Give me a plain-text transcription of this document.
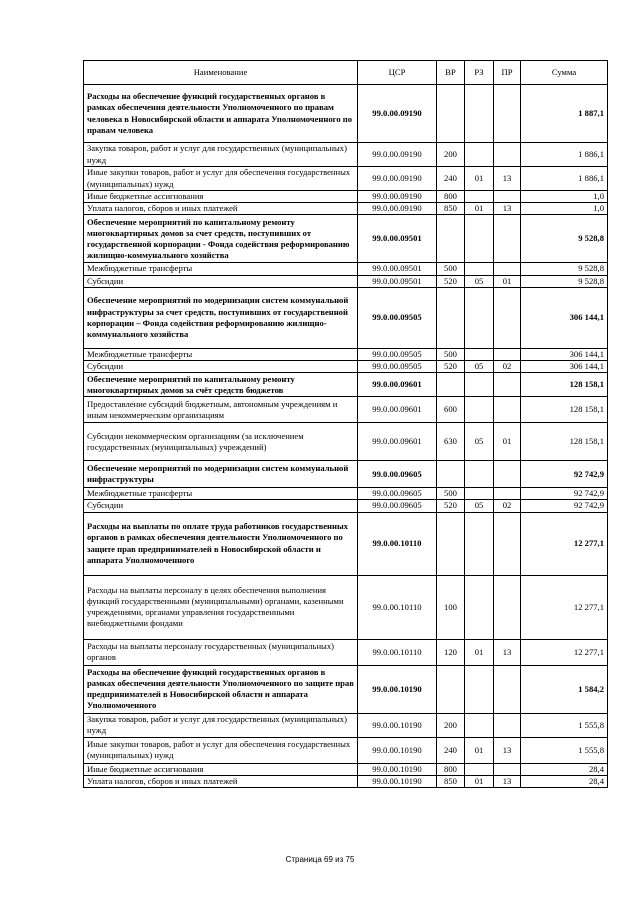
Наименование	ЦСР	ВР	РЗ	ПР	Сумма
Расходы на обеспечение функций государственных органов в рамках обеспечения деятельности Уполномоченного по правам человека в Новосибирской области и аппарата Уполномоченного по правам человека	99.0.00.09190				1 887,1
Закупка товаров, работ и услуг для государственных (муниципальных) нужд	99.0.00.09190	200			1 886,1
Иные закупки товаров, работ и услуг для обеспечения государственных (муниципальных) нужд	99.0.00.09190	240	01	13	1 886,1
Иные бюджетные ассигнования	99.0.00.09190	800			1,0
Уплата налогов, сборов и иных платежей	99.0.00.09190	850	01	13	1,0
Обеспечение мероприятий по капитальному ремонту многоквартирных домов за счет средств, поступивших от государственной корпорации - Фонда содействия реформированию жилищно-коммунального хозяйства	99.0.00.09501				9 528,8
Межбюджетные трансферты	99.0.00.09501	500			9 528,8
Субсидии	99.0.00.09501	520	05	01	9 528,8
Обеспечение мероприятий по модернизации систем коммунальной инфраструктуры за счет средств, поступивших от государственной корпорации – Фонда содействия реформированию жилищно-коммунального хозяйства	99.0.00.09505				306 144,1
Межбюджетные трансферты	99.0.00.09505	500			306 144,1
Субсидии	99.0.00.09505	520	05	02	306 144,1
Обеспечение мероприятий по капитальному ремонту многоквартирных домов за счёт средств бюджетов	99.0.00.09601				128 158,1
Предоставление субсидий бюджетным, автономным учреждениям и иным некоммерческим организациям	99.0.00.09601	600			128 158,1
Субсидии некоммерческим организациям (за исключением государственных (муниципальных) учреждений)	99.0.00.09601	630	05	01	128 158,1
Обеспечение мероприятий по модернизации систем коммунальной инфраструктуры	99.0.00.09605				92 742,9
Межбюджетные трансферты	99.0.00.09605	500			92 742,9
Субсидии	99.0.00.09605	520	05	02	92 742,9
Расходы на выплаты по оплате труда работников государственных органов в рамках обеспечения деятельности Уполномоченного по защите прав предпринимателей в Новосибирской области и аппарата Уполномоченного	99.0.00.10110				12 277,1
Расходы на выплаты персоналу в целях обеспечения выполнения функций государственными (муниципальными) органами, казенными учреждениями, органами управления государственными внебюджетными фондами	99.0.00.10110	100			12 277,1
Расходы на выплаты персоналу государственных (муниципальных) органов	99.0.00.10110	120	01	13	12 277,1
Расходы на обеспечение функций государственных органов в рамках обеспечения деятельности Уполномоченного по защите прав предпринимателей в Новосибирской области и аппарата Уполномоченного	99.0.00.10190				1 584,2
Закупка товаров, работ и услуг для государственных (муниципальных) нужд	99.0.00.10190	200			1 555,8
Иные закупки товаров, работ и услуг для обеспечения государственных (муниципальных) нужд	99.0.00.10190	240	01	13	1 555,8
Иные бюджетные ассигнования	99.0.00.10190	800			28,4
Уплата налогов, сборов и иных платежей	99.0.00.10190	850	01	13	28,4
Страница 69 из 75
